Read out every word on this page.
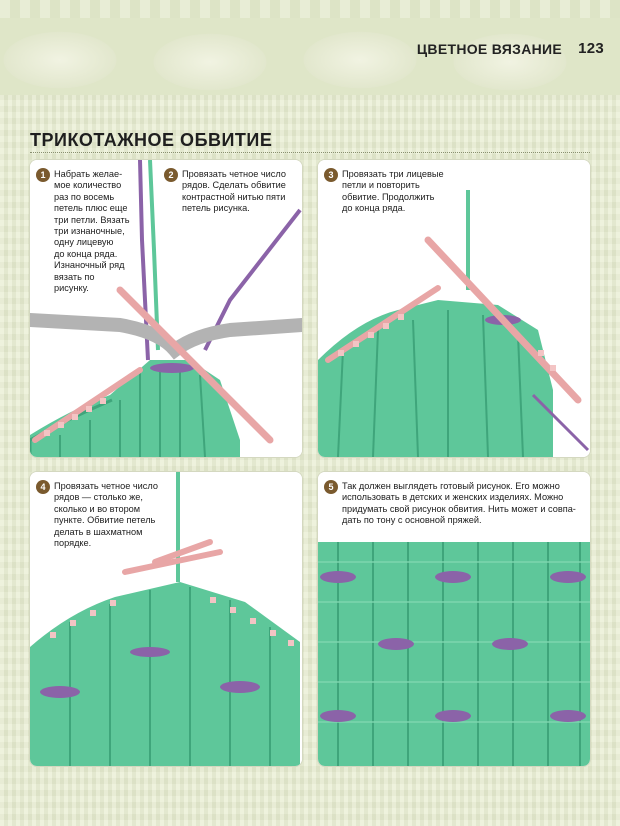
ЦВЕТНОЕ ВЯЗАНИЕ 123
ТРИКОТАЖНОЕ ОБВИТИЕ
1 Набрать желае-
мое количество
раз по восемь
петель плюс еще
три петли. Вязать
три изнаночные,
одну лицевую
до конца ряда.
Изнаночный ряд
вязать по
рисунку.
2 Провязать четное число
рядов. Сделать обвитие
контрастной нитью пяти
петель рисунка.
3 Провязать три лицевые
петли и повторить
обвитие. Продолжить
до конца ряда.
4 Провязать четное число
рядов — столько же,
сколько и во втором
пункте. Обвитие петель
делать в шахматном
порядке.
5 Так должен выглядеть готовый рисунок. Его можно
использовать в детских и женских изделиях. Можно
придумать свой рисунок обвития. Нить может и совпа-
дать по тону с основной пряжей.
